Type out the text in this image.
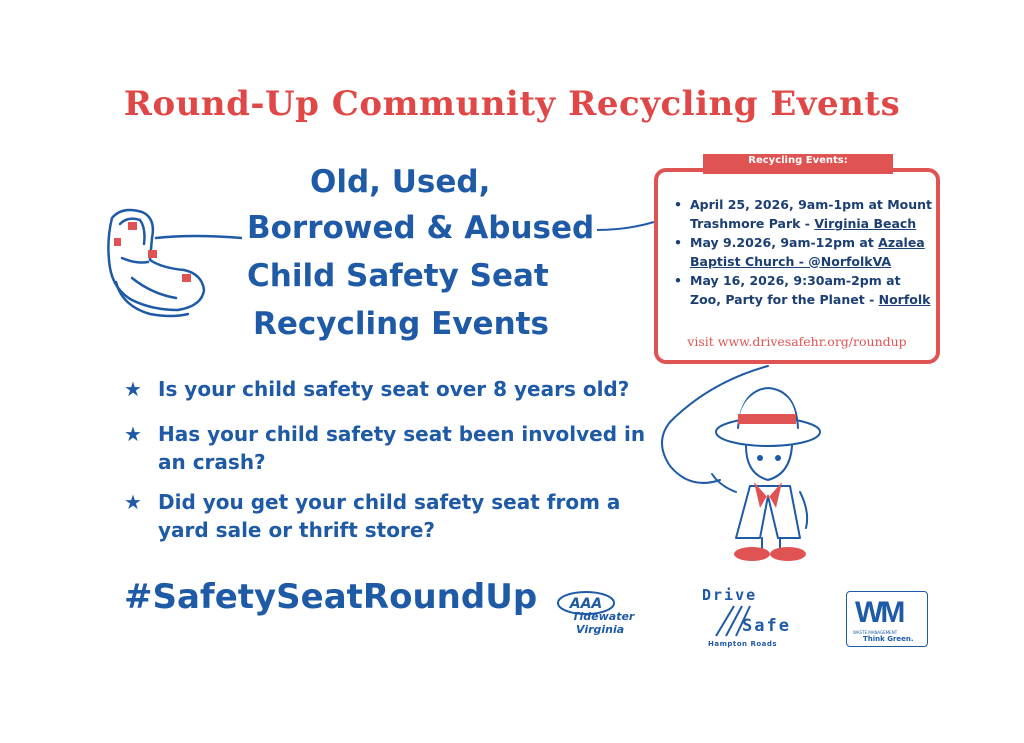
Round-Up Community Recycling Events
Old, Used,
Borrowed & Abused
Child Safety Seat
Recycling Events
Recycling Events:
• April 25, 2026, 9am-1pm at Mount Trashmore Park - Virginia Beach
• May 9.2026, 9am-12pm at Azalea Baptist Church - @NorfolkVA
• May 16, 2026, 9:30am-2pm at Zoo, Party for the Planet - Norfolk
visit www.drivesafehr.org/roundup
★ Is your child safety seat over 8 years old?
★ Has your child safety seat been involved in an crash?
★ Did you get your child safety seat from a yard sale or thrift store?
#SafetySeatRoundUp AAA
Tidewater
Virginia
Drive
Safe
Hampton Roads
WM
WASTE MANAGEMENT
Think Green.
